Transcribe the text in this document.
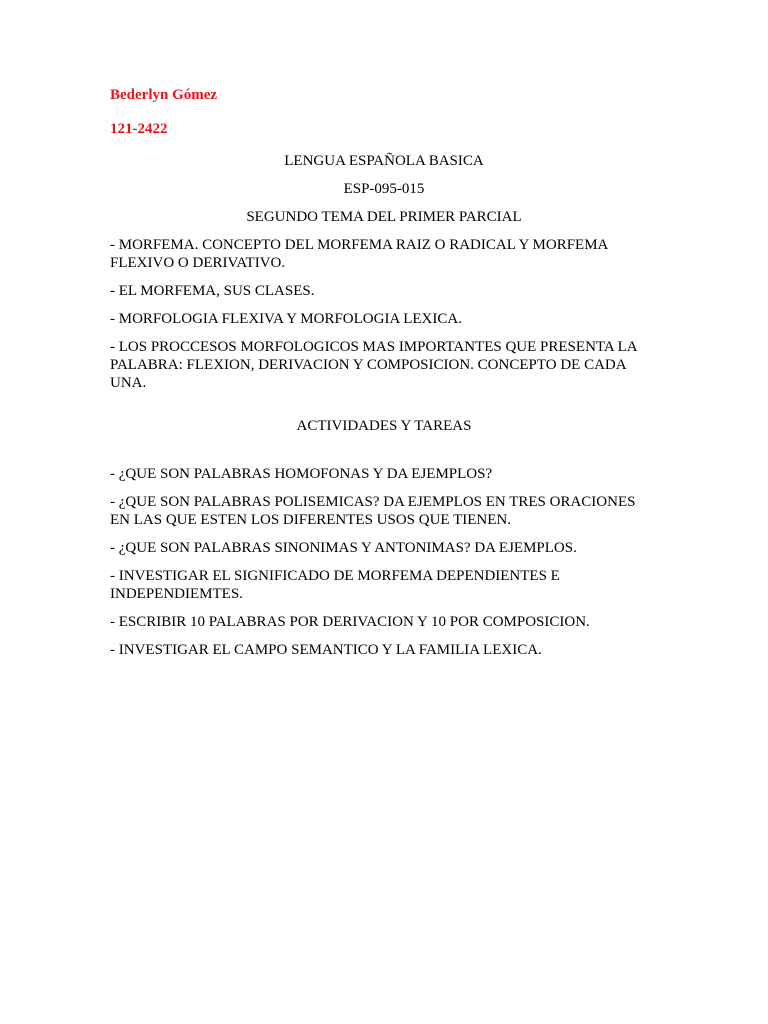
Bederlyn Gómez

121-2422

LENGUA ESPAÑOLA BASICA

ESP-095-015

SEGUNDO TEMA DEL PRIMER PARCIAL

- MORFEMA. CONCEPTO DEL MORFEMA RAIZ O RADICAL Y MORFEMA FLEXIVO O DERIVATIVO.
- EL MORFEMA, SUS CLASES.
- MORFOLOGIA FLEXIVA Y MORFOLOGIA LEXICA.
- LOS PROCCESOS MORFOLOGICOS MAS IMPORTANTES QUE PRESENTA LA PALABRA: FLEXION, DERIVACION Y COMPOSICION. CONCEPTO DE CADA UNA.

ACTIVIDADES Y TAREAS

- ¿QUE SON PALABRAS HOMOFONAS Y DA EJEMPLOS?
- ¿QUE SON PALABRAS POLISEMICAS? DA EJEMPLOS EN TRES ORACIONES EN LAS QUE ESTEN LOS DIFERENTES USOS QUE TIENEN.
- ¿QUE SON PALABRAS SINONIMAS Y ANTONIMAS? DA EJEMPLOS.
- INVESTIGAR EL SIGNIFICADO DE MORFEMA DEPENDIENTES E INDEPENDIEMTES.
- ESCRIBIR 10 PALABRAS POR DERIVACION Y 10 POR COMPOSICION.
- INVESTIGAR EL CAMPO SEMANTICO Y LA FAMILIA LEXICA.
